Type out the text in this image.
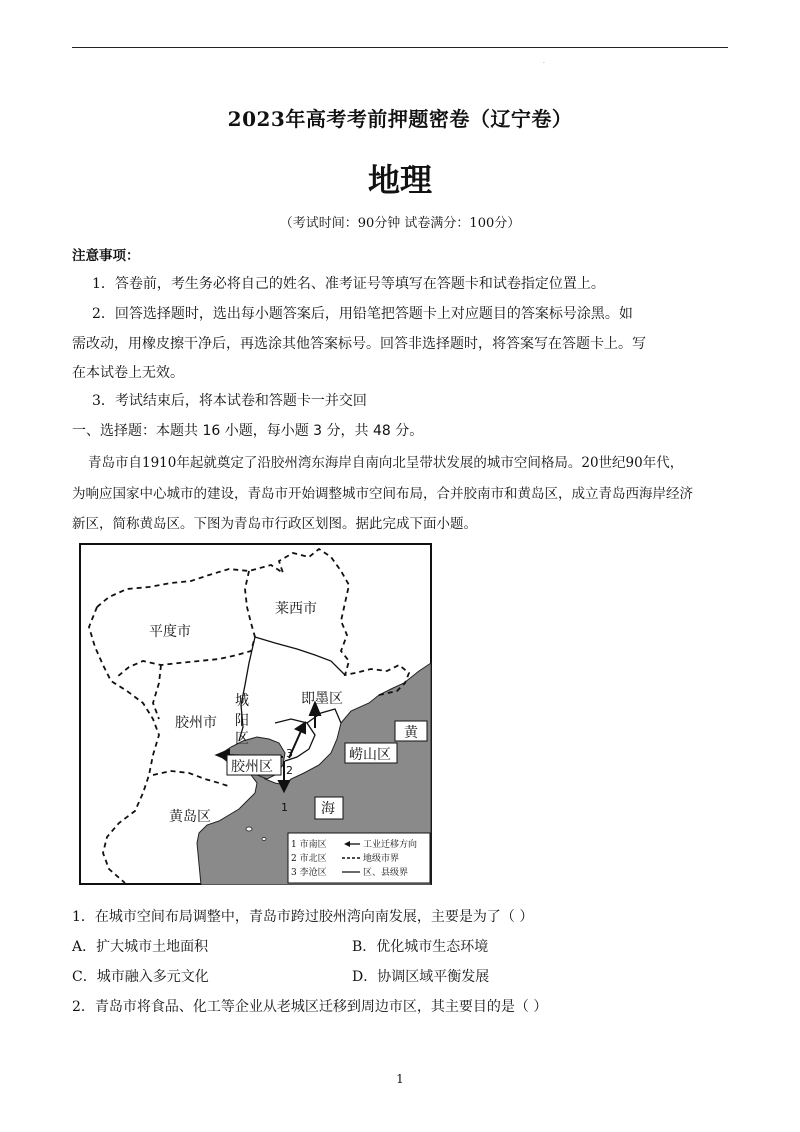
·
2023年高考考前押题密卷（辽宁卷）
地理
（考试时间：90分钟 试卷满分：100分）
注意事项：
1．答卷前，考生务必将自己的姓名、准考证号等填写在答题卡和试卷指定位置上。
2．回答选择题时，选出每小题答案后，用铅笔把答题卡上对应题目的答案标号涂黑。如
需改动，用橡皮擦干净后，再选涂其他答案标号。回答非选择题时，将答案写在答题卡上。写
在本试卷上无效。
3．考试结束后，将本试卷和答题卡一并交回
一、选择题：本题共 16 小题，每小题 3 分，共 48 分。
青岛市自1910年起就奠定了沿胶州湾东海岸自南向北呈带状发展的城市空间格局。20世纪90年代，
为响应国家中心城市的建设，青岛市开始调整城市空间布局，合并胶南市和黄岛区，成立青岛西海岸经济
新区，简称黄岛区。下图为青岛市行政区划图。据此完成下面小题。
平度市
莱西市
即墨区
城
阳
区
胶州市
胶州区
黄
崂山区
海
黄岛区
1
2
3
1 市南区
2 市北区
3 李沧区
工业迁移方向
地级市界
区、县级界
1．在城市空间布局调整中，青岛市跨过胶州湾向南发展，主要是为了（ ）
A．扩大城市土地面积	B．优化城市生态环境
C．城市融入多元文化	D．协调区域平衡发展
2．青岛市将食品、化工等企业从老城区迁移到周边市区，其主要目的是（ ）
1
